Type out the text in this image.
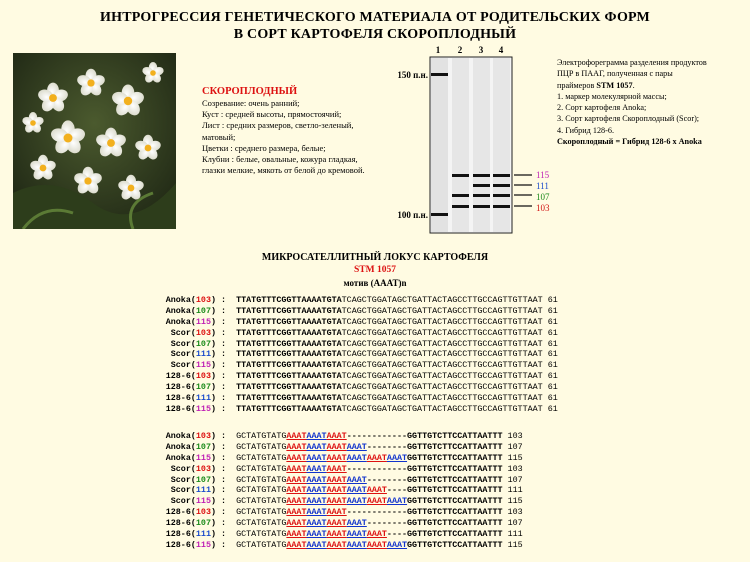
ИНТРОГРЕССИЯ ГЕНЕТИЧЕСКОГО МАТЕРИАЛА ОТ РОДИТЕЛЬСКИХ ФОРМ
В СОРТ КАРТОФЕЛЯ СКОРОПЛОДНЫЙ
СКОРОПЛОДНЫЙ
Созревание: очень ранний;
Куст : средней высоты, прямостоячий;
Лист : средних размеров, светло-зеленый,
матовый;
Цветки : среднего размера, белые;
Клубни : белые, овальные, кожура гладкая,
глазки мелкие, мякоть от белой до кремовой.
1 2 3 4
150 п.н.
100 п.н.
115
111
107
103
Электрофореграмма разделения продуктов
ПЦР в ПААГ, полученная с пары
праймеров STM 1057.
1. маркер молекулярной массы;
2. Сорт картофеля Anoka;
3. Сорт картофеля Скороплодный (Scor);
4. Гибрид 128-6.
Скороплодный = Гибрид 128-6 х Anoka
МИКРОСАТЕЛЛИТНЫЙ ЛОКУС КАРТОФЕЛЯ
STM 1057
мотив (AAAT)n
Anoka(103) :  TTATGTTTCGGTTAAAATGTATCAGCTGGATAGCTGATTACTAGCCTTGCCAGTTGTTAAT 61
Anoka(107) :  TTATGTTTCGGTTAAAATGTATCAGCTGGATAGCTGATTACTAGCCTTGCCAGTTGTTAAT 61
Anoka(115) :  TTATGTTTCGGTTAAAATGTATCAGCTGGATAGCTGATTACTAGCCTTGCCAGTTGTTAAT 61
Scor(103) :  TTATGTTTCGGTTAAAATGTATCAGCTGGATAGCTGATTACTAGCCTTGCCAGTTGTTAAT 61
Scor(107) :  TTATGTTTCGGTTAAAATGTATCAGCTGGATAGCTGATTACTAGCCTTGCCAGTTGTTAAT 61
Scor(111) :  TTATGTTTCGGTTAAAATGTATCAGCTGGATAGCTGATTACTAGCCTTGCCAGTTGTTAAT 61
Scor(115) :  TTATGTTTCGGTTAAAATGTATCAGCTGGATAGCTGATTACTAGCCTTGCCAGTTGTTAAT 61
128-6(103) :  TTATGTTTCGGTTAAAATGTATCAGCTGGATAGCTGATTACTAGCCTTGCCAGTTGTTAAT 61
128-6(107) :  TTATGTTTCGGTTAAAATGTATCAGCTGGATAGCTGATTACTAGCCTTGCCAGTTGTTAAT 61
128-6(111) :  TTATGTTTCGGTTAAAATGTATCAGCTGGATAGCTGATTACTAGCCTTGCCAGTTGTTAAT 61
128-6(115) :  TTATGTTTCGGTTAAAATGTATCAGCTGGATAGCTGATTACTAGCCTTGCCAGTTGTTAAT 61
Anoka(103) :  GCTATGTATGAAATAAATAAAT------------GGTTGTCTTCCATTAATTT 103
Anoka(107) :  GCTATGTATGAAATAAATAAATAAAT--------GGTTGTCTTCCATTAATTT 107
Anoka(115) :  GCTATGTATGAAATAAATAAATAAATAAATAAATGGTTGTCTTCCATTAATTT 115
Scor(103) :  GCTATGTATGAAATAAATAAAT------------GGTTGTCTTCCATTAATTT 103
Scor(107) :  GCTATGTATGAAATAAATAAATAAAT--------GGTTGTCTTCCATTAATTT 107
Scor(111) :  GCTATGTATGAAATAAATAAATAAATAAAT----GGTTGTCTTCCATTAATTT 111
Scor(115) :  GCTATGTATGAAATAAATAAATAAATAAATAAATGGTTGTCTTCCATTAATTT 115
128-6(103) :  GCTATGTATGAAATAAATAAAT------------GGTTGTCTTCCATTAATTT 103
128-6(107) :  GCTATGTATGAAATAAATAAATAAAT--------GGTTGTCTTCCATTAATTT 107
128-6(111) :  GCTATGTATGAAATAAATAAATAAATAAAT----GGTTGTCTTCCATTAATTT 111
128-6(115) :  GCTATGTATGAAATAAATAAATAAATAAATAAATGGTTGTCTTCCATTAATTT 115
